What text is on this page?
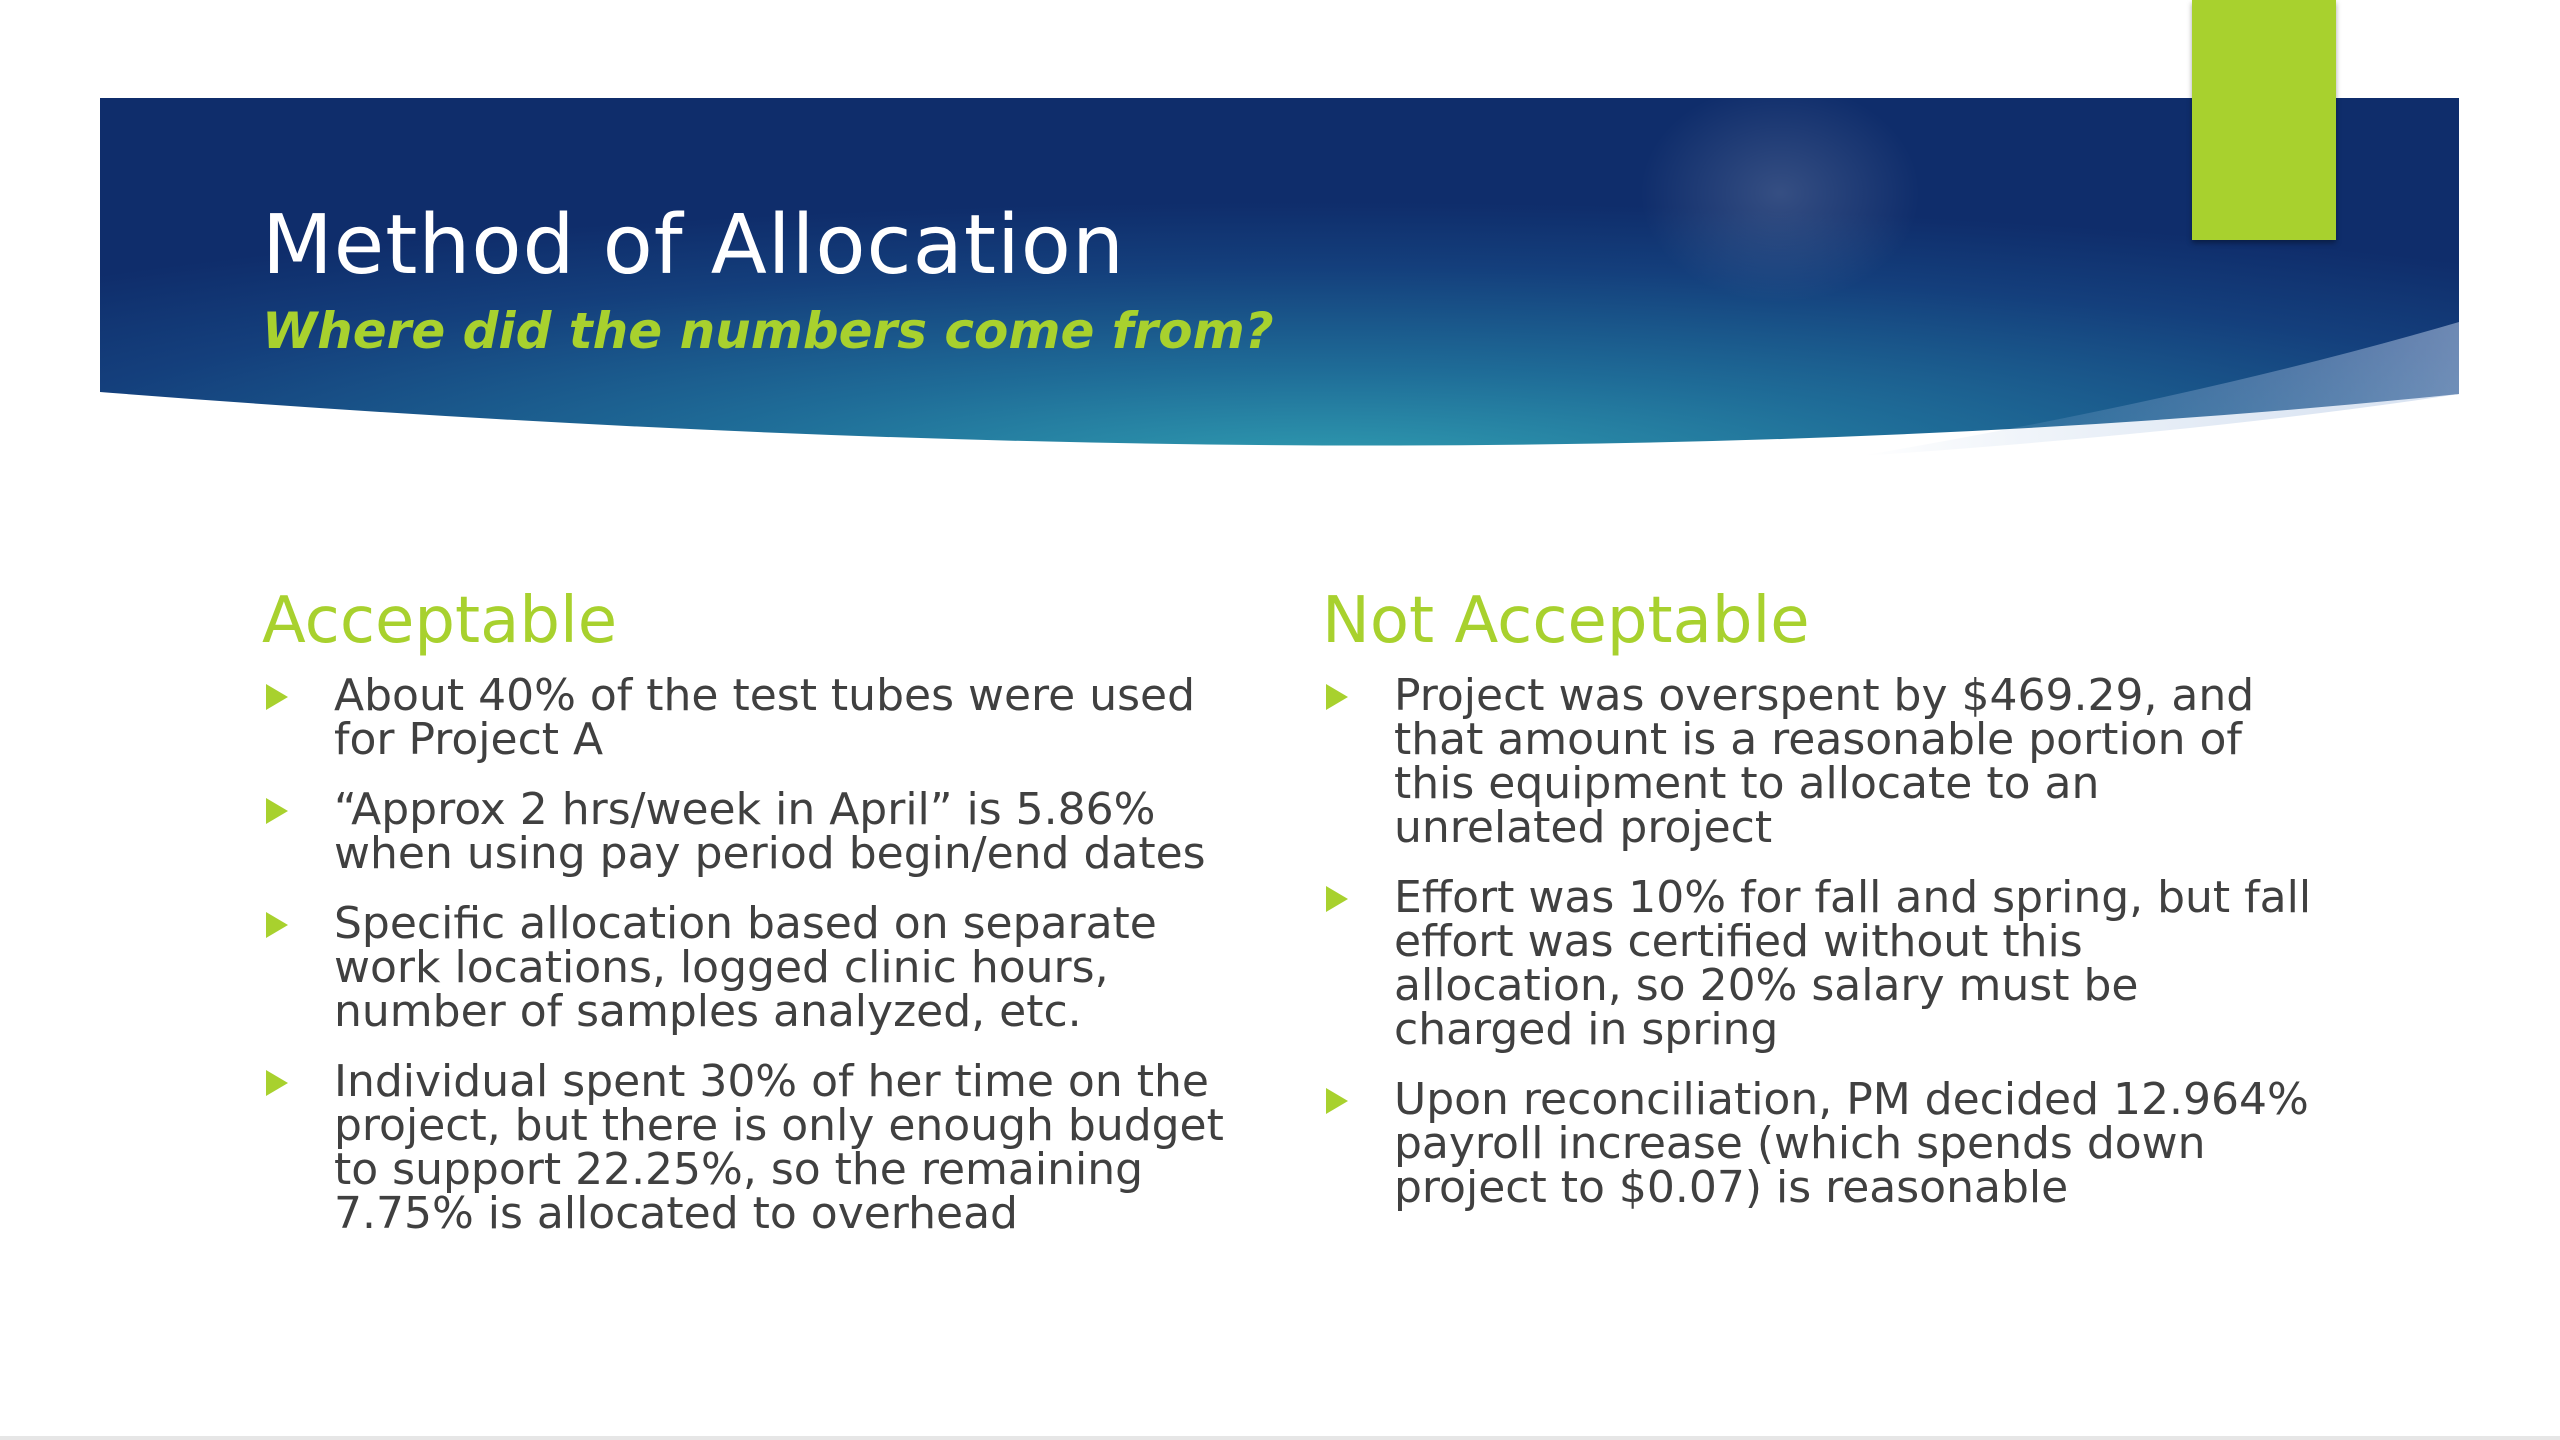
Method of Allocation
Where did the numbers come from?
Acceptable
About 40% of the test tubes were used for Project A
“Approx 2 hrs/week in April” is 5.86% when using pay period begin/end dates
Specific allocation based on separate work locations, logged clinic hours, number of samples analyzed, etc.
Individual spent 30% of her time on the project, but there is only enough budget to support 22.25%, so the remaining 7.75% is allocated to overhead
Not Acceptable
Project was overspent by $469.29, and that amount is a reasonable portion of this equipment to allocate to an unrelated project
Effort was 10% for fall and spring, but fall effort was certified without this allocation, so 20% salary must be charged in spring
Upon reconciliation, PM decided 12.964% payroll increase (which spends down project to $0.07) is reasonable
